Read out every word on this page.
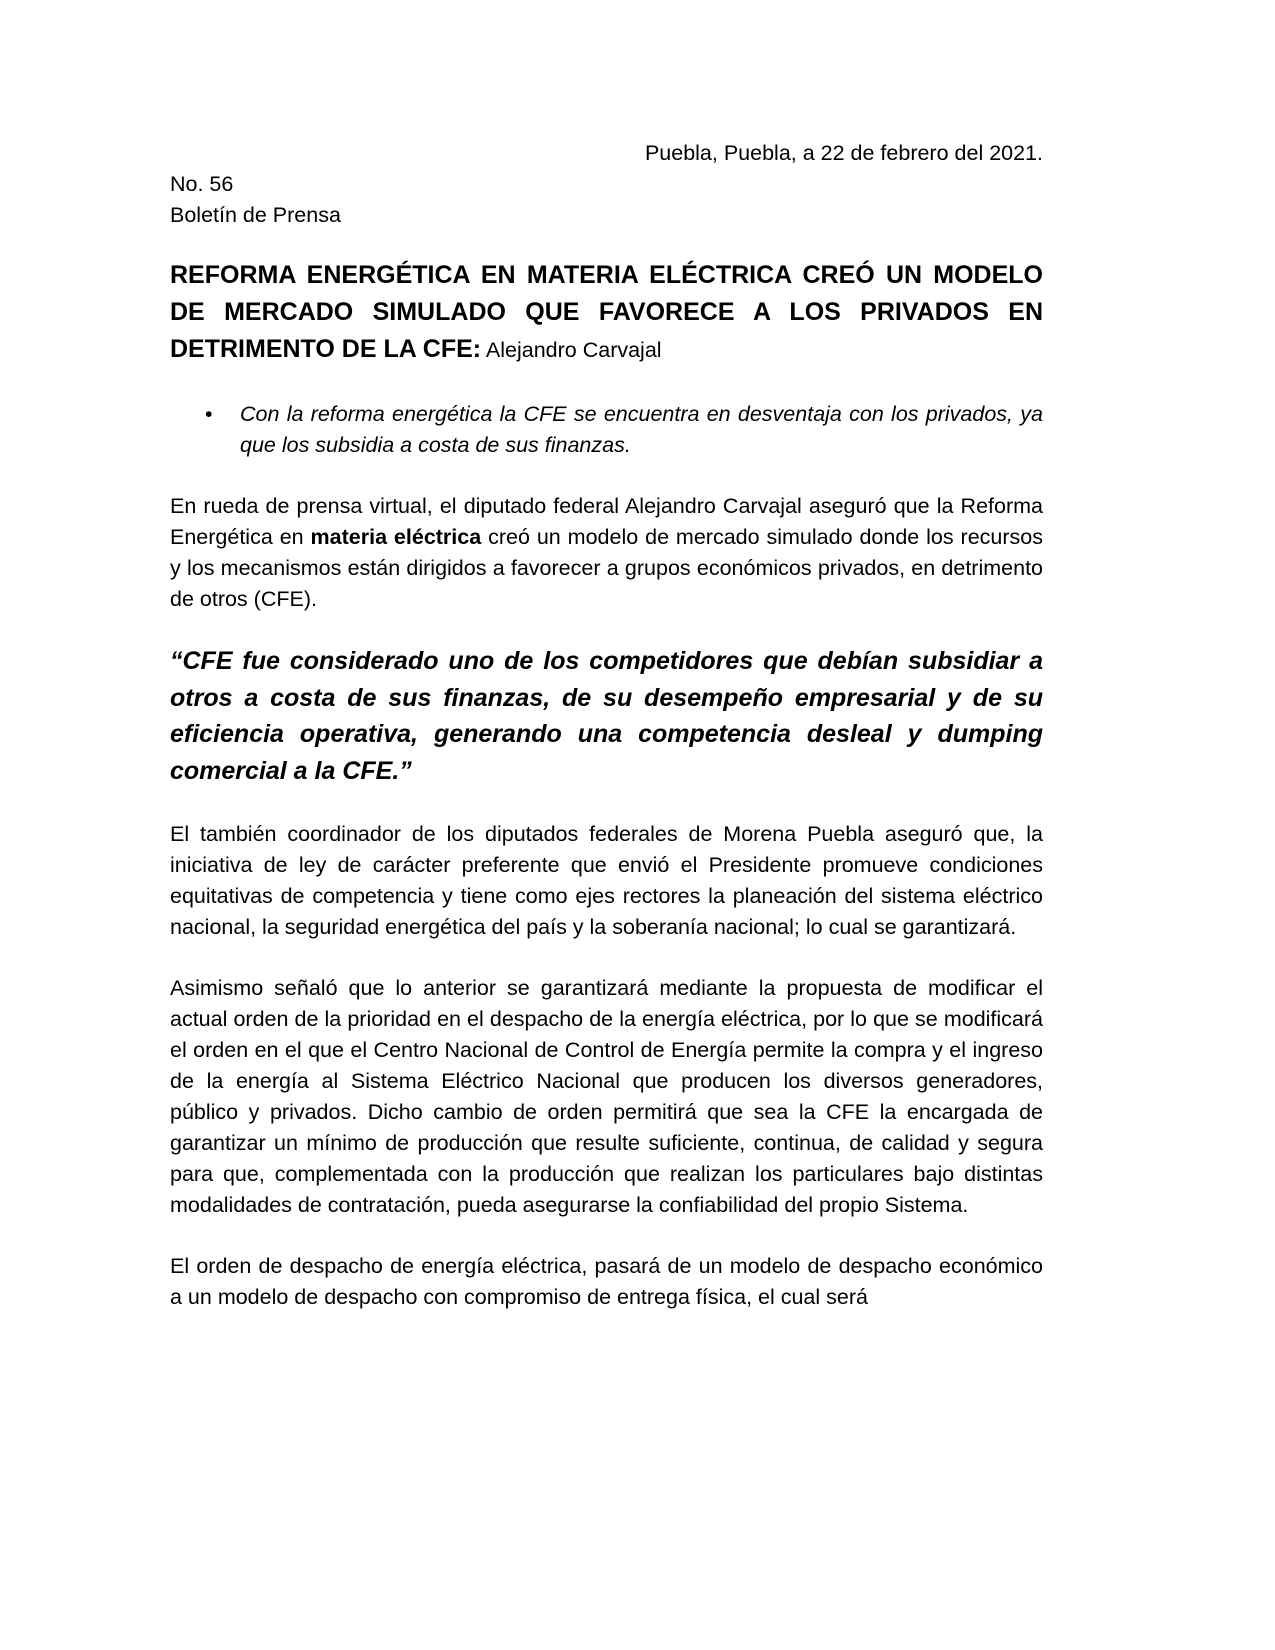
Puebla, Puebla, a 22 de febrero del 2021.

No. 56
Boletín de Prensa
REFORMA ENERGÉTICA EN MATERIA ELÉCTRICA CREÓ UN MODELO DE MERCADO SIMULADO QUE FAVORECE A LOS PRIVADOS EN DETRIMENTO DE LA CFE: Alejandro Carvajal
• Con la reforma energética la CFE se encuentra en desventaja con los privados, ya que los subsidia a costa de sus finanzas.

En rueda de prensa virtual, el diputado federal Alejandro Carvajal aseguró que la Reforma Energética en materia eléctrica creó un modelo de mercado simulado donde los recursos y los mecanismos están dirigidos a favorecer a grupos económicos privados, en detrimento de otros (CFE).

“CFE fue considerado uno de los competidores que debían subsidiar a otros a costa de sus finanzas, de su desempeño empresarial y de su eficiencia operativa, generando una competencia desleal y dumping comercial a la CFE.”

El también coordinador de los diputados federales de Morena Puebla aseguró que, la iniciativa de ley de carácter preferente que envió el Presidente promueve condiciones equitativas de competencia y tiene como ejes rectores la planeación del sistema eléctrico nacional, la seguridad energética del país y la soberanía nacional; lo cual se garantizará.

Asimismo señaló que lo anterior se garantizará mediante la propuesta de modificar el actual orden de la prioridad en el despacho de la energía eléctrica, por lo que se modificará el orden en el que el Centro Nacional de Control de Energía permite la compra y el ingreso de la energía al Sistema Eléctrico Nacional que producen los diversos generadores, público y privados. Dicho cambio de orden permitirá que sea la CFE la encargada de garantizar un mínimo de producción que resulte suficiente, continua, de calidad y segura para que, complementada con la producción que realizan los particulares bajo distintas modalidades de contratación, pueda asegurarse la confiabilidad del propio Sistema.

El orden de despacho de energía eléctrica, pasará de un modelo de despacho económico a un modelo de despacho con compromiso de entrega física, el cual será
